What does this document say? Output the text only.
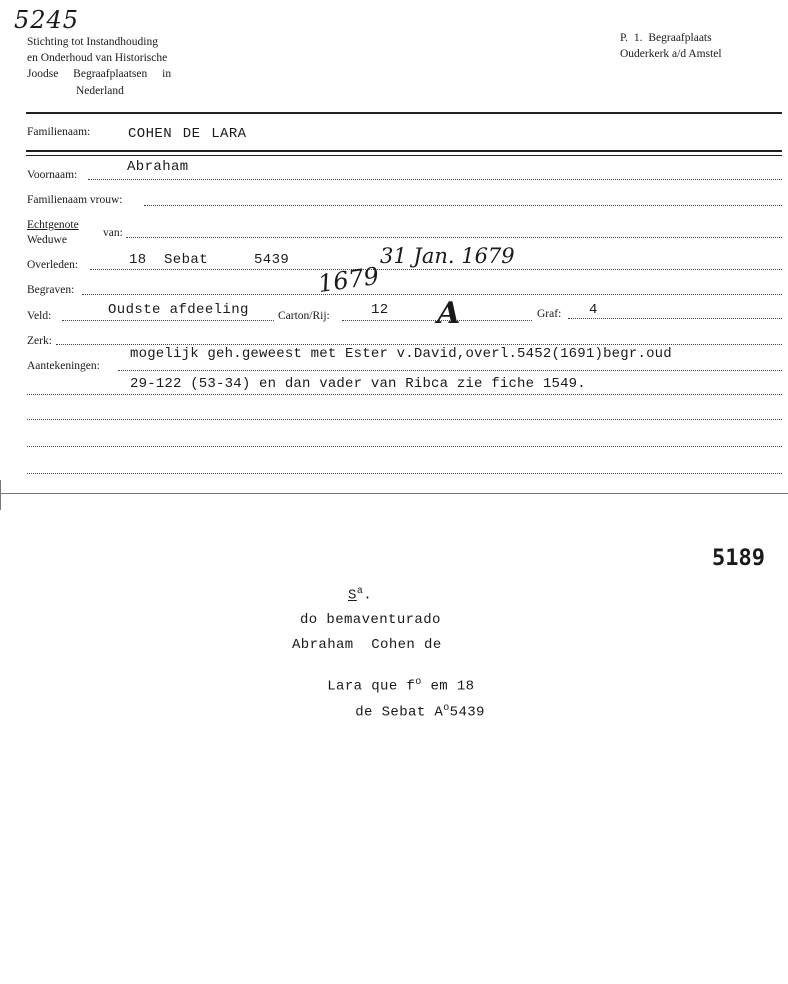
5245
Stichting tot Instandhouding
en Onderhoud van Historische
Joodse Begraafplaatsen in
Nederland
P. 1. Begraafplaats
Ouderkerk a/d Amstel
Familienaam:	COHEN DE LARA
Voornaam:	Abraham
Familienaam vrouw:
Echtgenote
Weduwe
van:
Overleden:	18 Sebat	5439	31 Jan. 1679
Begraven:	1679
Veld:	Oudste afdeeling	Carton/Rij:	12 A	Graf: 4
Zerk:
Aantekeningen:
mogelijk geh.geweest met Ester v.David,overl.5452(1691)begr.oud
29-122 (53-34) en dan vader van Ribca zie fiche 1549.
5189
$S^a$.
do bemaventurado
Abraham  Cohen de

Lara que $f^o$ em 18

de Sebat $A^o5439$
